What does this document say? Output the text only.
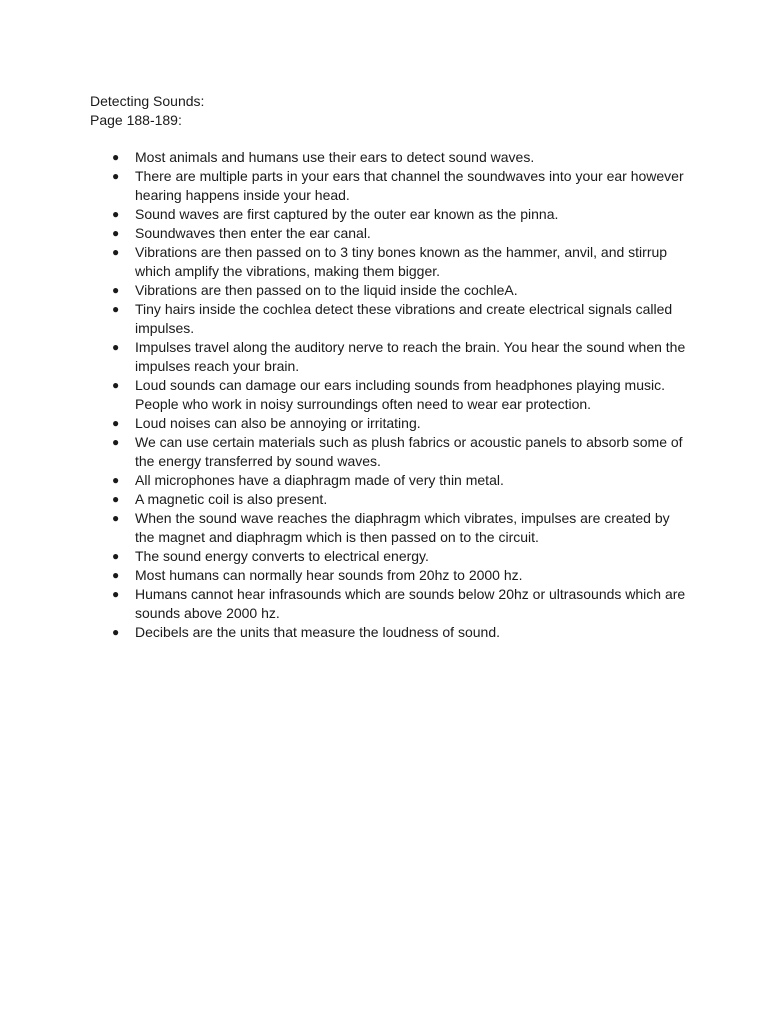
Detecting Sounds:

Page 188-189:

● Most animals and humans use their ears to detect sound waves.
● There are multiple parts in your ears that channel the soundwaves into your ear however hearing happens inside your head.
● Sound waves are first captured by the outer ear known as the pinna.
● Soundwaves then enter the ear canal.
● Vibrations are then passed on to 3 tiny bones known as the hammer, anvil, and stirrup which amplify the vibrations, making them bigger.
● Vibrations are then passed on to the liquid inside the cochleA.
● Tiny hairs inside the cochlea detect these vibrations and create electrical signals called impulses.
● Impulses travel along the auditory nerve to reach the brain. You hear the sound when the impulses reach your brain.
● Loud sounds can damage our ears including sounds from headphones playing music. People who work in noisy surroundings often need to wear ear protection.
● Loud noises can also be annoying or irritating.
● We can use certain materials such as plush fabrics or acoustic panels to absorb some of the energy transferred by sound waves.
● All microphones have a diaphragm made of very thin metal.
● A magnetic coil is also present.
● When the sound wave reaches the diaphragm which vibrates, impulses are created by the magnet and diaphragm which is then passed on to the circuit.
● The sound energy converts to electrical energy.
● Most humans can normally hear sounds from 20hz to 2000 hz.
● Humans cannot hear infrasounds which are sounds below 20hz or ultrasounds which are sounds above 2000 hz.
● Decibels are the units that measure the loudness of sound.
